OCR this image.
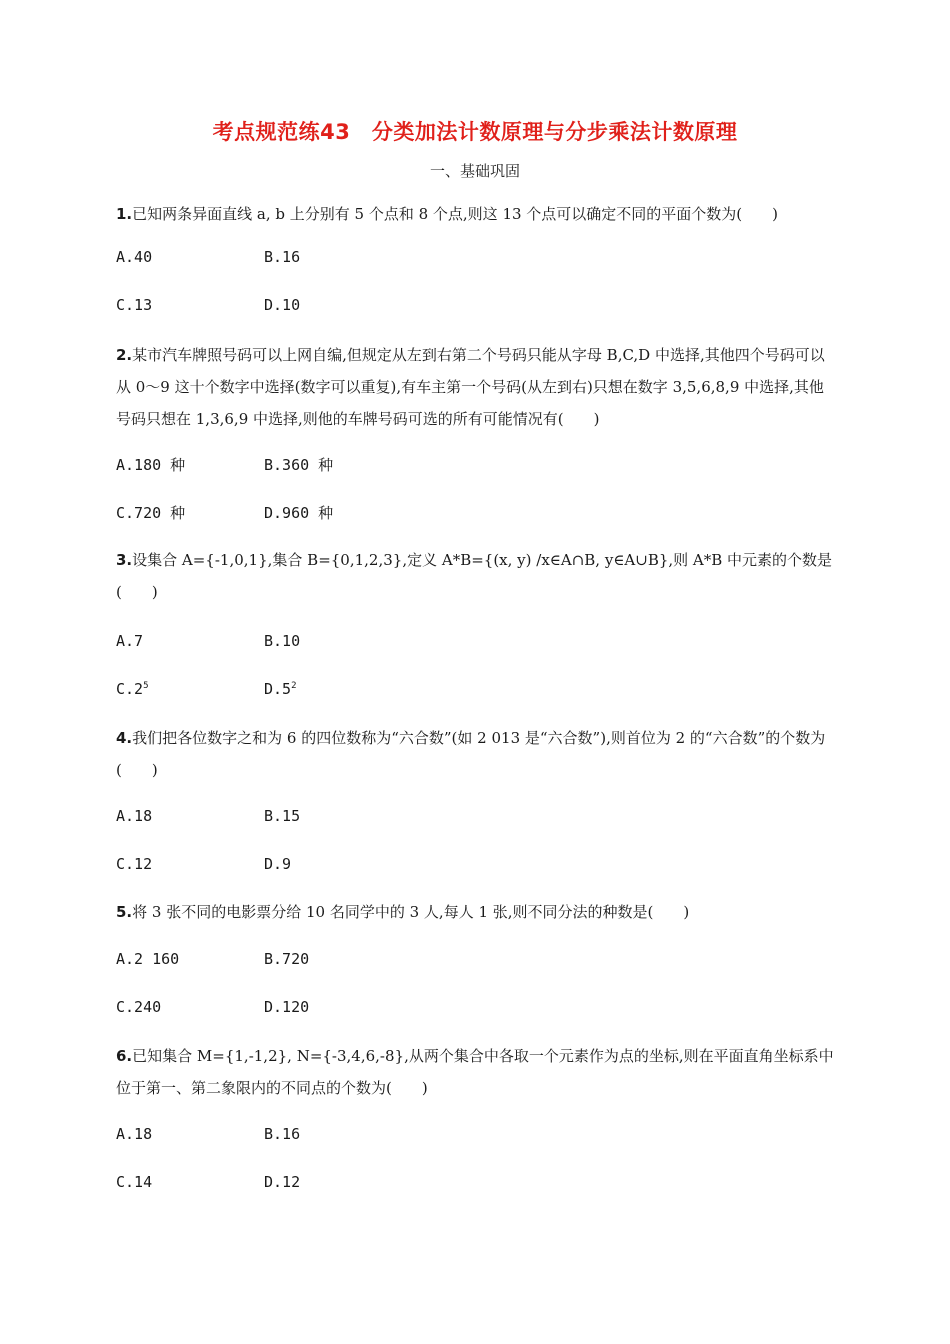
考点规范练43　分类加法计数原理与分步乘法计数原理
一、基础巩固
1.已知两条异面直线 a, b 上分别有 5 个点和 8 个点,则这 13 个点可以确定不同的平面个数为(　　)
A.40	B.16
C.13	D.10
2.某市汽车牌照号码可以上网自编,但规定从左到右第二个号码只能从字母 B,C,D 中选择,其他四个号码可以从 0～9 这十个数字中选择(数字可以重复),有车主第一个号码(从左到右)只想在数字 3,5,6,8,9 中选择,其他号码只想在 1,3,6,9 中选择,则他的车牌号码可选的所有可能情况有(　　)
A.180 种	B.360 种
C.720 种	D.960 种
3.设集合 A={-1,0,1},集合 B={0,1,2,3},定义 A*B={(x, y) /x∈A∩B, y∈A∪B},则 A*B 中元素的个数是　　　　　　(　　)
A.7	B.10
$C.2^5$	$D.5^2$
4.我们把各位数字之和为 6 的四位数称为“六合数”(如 2 013 是“六合数”),则首位为 2 的“六合数”的个数为(　　)
A.18	B.15
C.12	D.9
5.将 3 张不同的电影票分给 10 名同学中的 3 人,每人 1 张,则不同分法的种数是(　　)
A.2 160	B.720
C.240	D.120
6.已知集合 M={1,-1,2}, N={-3,4,6,-8},从两个集合中各取一个元素作为点的坐标,则在平面直角坐标系中位于第一、第二象限内的不同点的个数为(　　)
A.18	B.16
C.14	D.12
